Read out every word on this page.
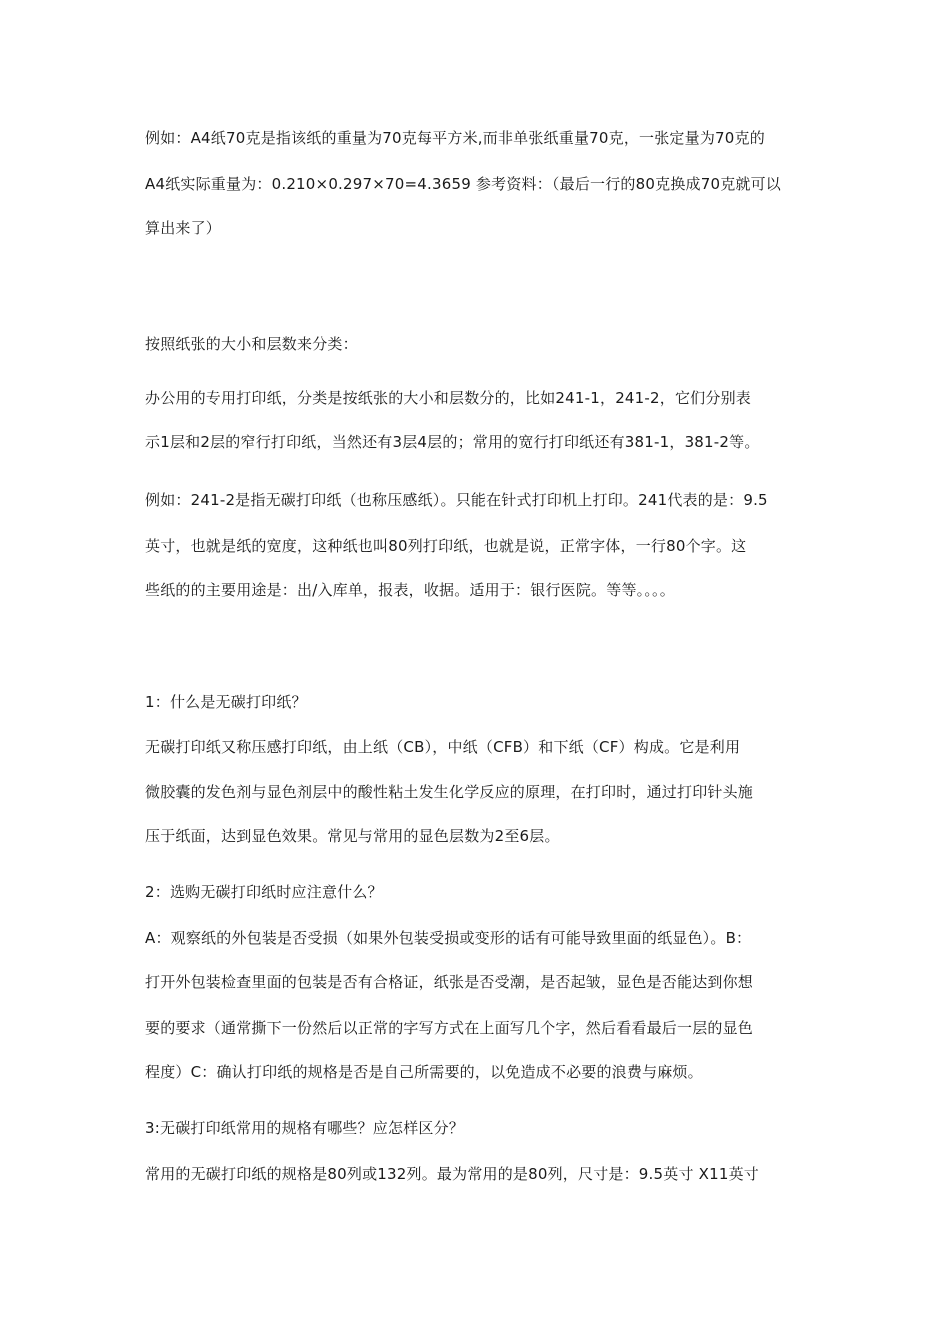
例如：A4纸70克是指该纸的重量为70克每平方米,而非单张纸重量70克，一张定量为70克的
A4纸实际重量为：0.210×0.297×70=4.3659 参考资料：（最后一行的80克换成70克就可以
算出来了）
按照纸张的大小和层数来分类：
办公用的专用打印纸，分类是按纸张的大小和层数分的，比如241-1，241-2，它们分别表
示1层和2层的窄行打印纸，当然还有3层4层的；常用的宽行打印纸还有381-1，381-2等。
例如：241-2是指无碳打印纸（也称压感纸）。只能在针式打印机上打印。241代表的是：9.5
英寸，也就是纸的宽度，这种纸也叫80列打印纸，也就是说，正常字体，一行80个字。这
些纸的的主要用途是：出/入库单，报表，收据。适用于：银行医院。等等。。。。
1：什么是无碳打印纸？
无碳打印纸又称压感打印纸，由上纸（CB），中纸（CFB）和下纸（CF）构成。它是利用
微胶囊的发色剂与显色剂层中的酸性粘土发生化学反应的原理，在打印时，通过打印针头施
压于纸面，达到显色效果。常见与常用的显色层数为2至6层。
2：选购无碳打印纸时应注意什么？
A：观察纸的外包装是否受损（如果外包装受损或变形的话有可能导致里面的纸显色）。B：
打开外包装检查里面的包装是否有合格证，纸张是否受潮，是否起皱，显色是否能达到你想
要的要求（通常撕下一份然后以正常的字写方式在上面写几个字，然后看看最后一层的显色
程度）C：确认打印纸的规格是否是自己所需要的，以免造成不必要的浪费与麻烦。
3:无碳打印纸常用的规格有哪些？应怎样区分？
常用的无碳打印纸的规格是80列或132列。最为常用的是80列，尺寸是：9.5英寸 X11英寸
